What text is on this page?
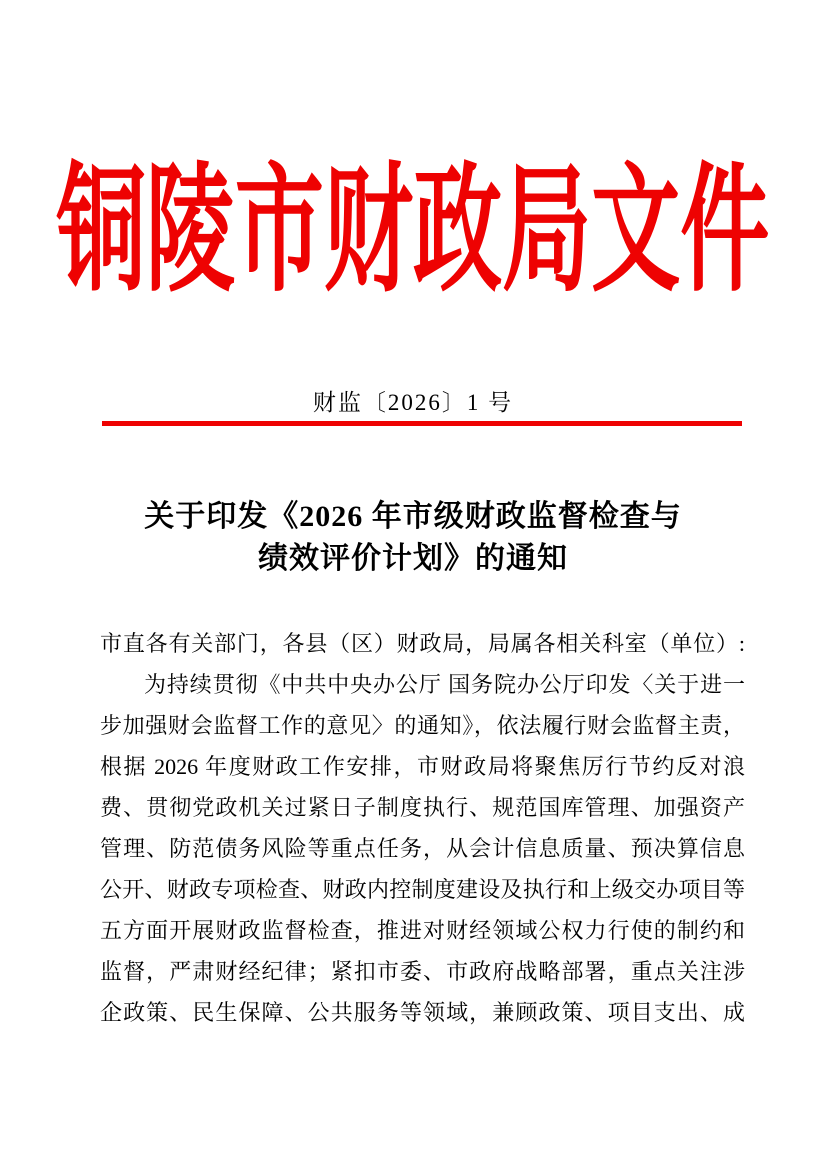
铜陵市财政局文件
财监〔2026〕1 号
关于印发《2026 年市级财政监督检查与
绩效评价计划》的通知
市直各有关部门，各县（区）财政局，局属各相关科室（单位）:
为持续贯彻《中共中央办公厅 国务院办公厅印发〈关于进一
步加强财会监督工作的意见〉的通知》，依法履行财会监督主责，
根据 2026 年度财政工作安排，市财政局将聚焦厉行节约反对浪
费、贯彻党政机关过紧日子制度执行、规范国库管理、加强资产
管理、防范债务风险等重点任务，从会计信息质量、预决算信息
公开、财政专项检查、财政内控制度建设及执行和上级交办项目等
五方面开展财政监督检查，推进对财经领域公权力行使的制约和
监督，严肃财经纪律；紧扣市委、市政府战略部署，重点关注涉
企政策、民生保障、公共服务等领域，兼顾政策、项目支出、成
